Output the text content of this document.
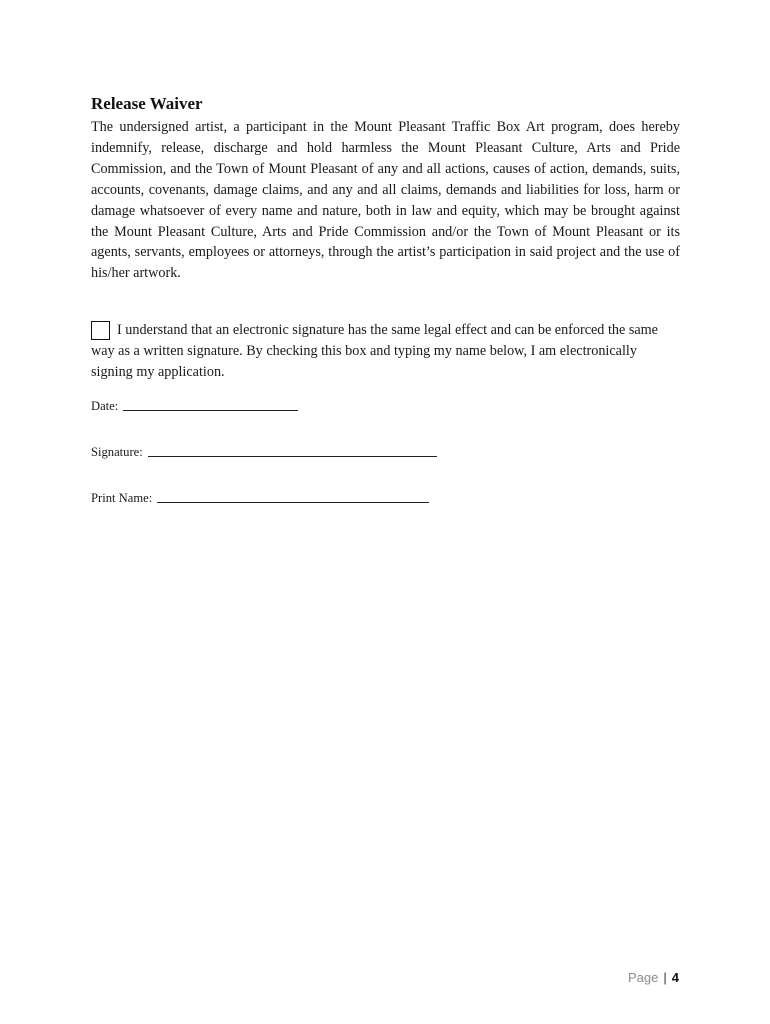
Release Waiver
The undersigned artist, a participant in the Mount Pleasant Traffic Box Art program, does hereby indemnify, release, discharge and hold harmless the Mount Pleasant Culture, Arts and Pride Commission, and the Town of Mount Pleasant of any and all actions, causes of action, demands, suits, accounts, covenants, damage claims, and any and all claims, demands and liabilities for loss, harm or damage whatsoever of every name and nature, both in law and equity, which may be brought against the Mount Pleasant Culture, Arts and Pride Commission and/or the Town of Mount Pleasant or its agents, servants, employees or attorneys, through the artist’s participation in said project and the use of his/her artwork.
I understand that an electronic signature has the same legal effect and can be enforced the same way as a written signature. By checking this box and typing my name below, I am electronically signing my application.
Date:
Signature:
Print Name:
Page | 4
